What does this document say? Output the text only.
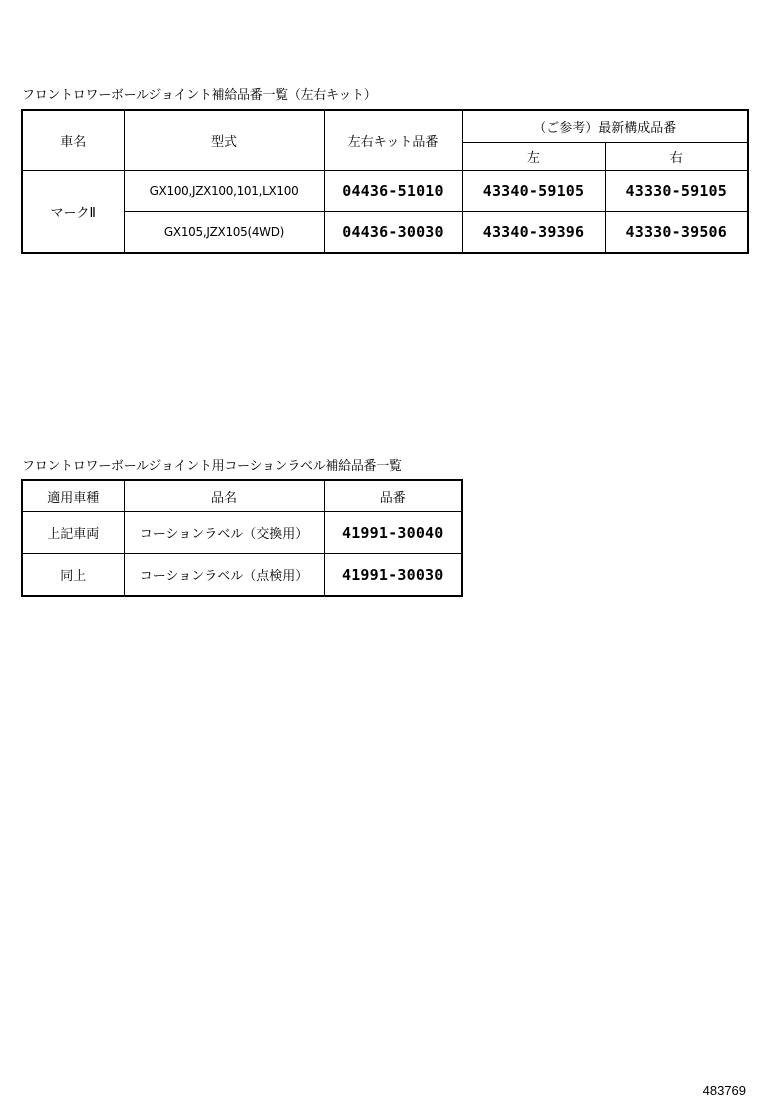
フロントロワーボールジョイント補給品番一覧（左右キット）
車名	型式	左右キット品番	（ご参考）最新構成品番	
			左	右
マークⅡ	GX100,JZX100,101,LX100	04436-51010	43340-59105	43330-59105
	GX105,JZX105(4WD)	04436-30030	43340-39396	43330-39506
フロントロワーボールジョイント用コーションラベル補給品番一覧
適用車種	品名	品番
上記車両	コーションラベル（交換用）	41991-30040
同上	コーションラベル（点検用）	41991-30030
483769
